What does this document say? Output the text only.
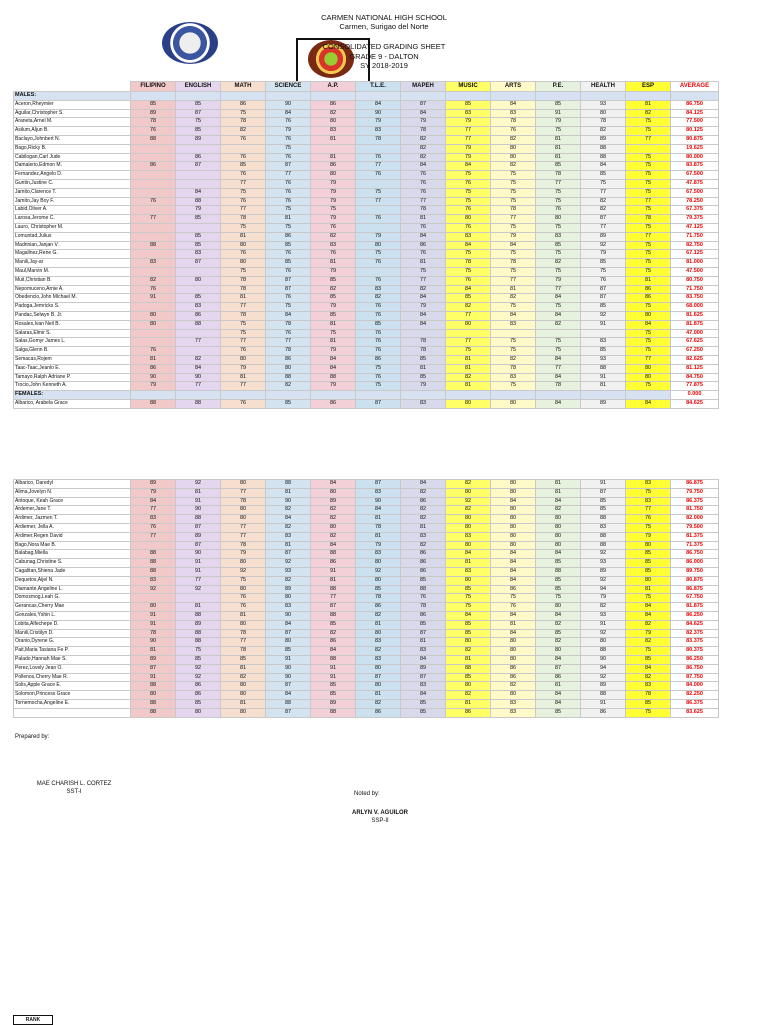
CARMEN NATIONAL HIGH SCHOOL
Carmen, Surigao del Norte
CONSOLIDATED GRADING SHEET
GRADE 9 - DALTON
SY 2018-2019
	FILIPINO	ENGLISH	MATH	SCIENCE	A.P.	T.L.E.	MAPEH	MUSIC	ARTS	P.E.	HEALTH	ESP	AVERAGE
MALES:													
Aceron,Rheymier	85	85	86	90	86	84	87	85	84	85	93	81	86.750
Aguilar,Christopher S.	89	87	75	84	82	90	84	83	83	91	80	82	84.125
Araneta,Arnel M.	78	75	78	76	80	79	79	79	78	79	78	75	77.500
Asilum,Aljun B.	76	85	82	79	83	83	78	77	76	75	82	75	80.125
Baclayo,Johnbert N.	88	89	76	76	81	78	82	77	82	81	89	77	80.875
Bago,Ricky B.				75			82	79	80	81	88		19.625
Cabilogan,Carl Jude		86	76	76	81	76	82	79	80	81	88	75	80.000
Damalerio,Edmon M.	86	87	85	87	86	77	84	84	82	85	84	75	83.875
Fernandez,Angelo D.			76	77	80	76	76	75	75	78	85	75	67.500
Guntin,Justine C.			77	76	79		76	76	75	77	75	75	47.875
Jamito,Clarence T.		84	75	76	79	75	76	75	75	75	77	75	67.500
Jamito,Jay Boy F.	76	88	76	76	79	77	77	75	75	75	82	77	78.250
Labid,Oliver A.		79	77	75	75		78	76	78	76	82	75	67.375
Larosa,Jerome C.	77	85	78	81	79	76	81	80	77	80	87	78	79.375
Lauro, Christopher M.			75	75	76		76	76	75	75	77	75	47.125
Lomuntad,Julius		85	81	86	82	79	84	83	79	83	89	77	71.750
Madrinian,Janjan V.	88	85	80	85	83	80	86	84	84	85	92	75	82.750
Magallnez,Rene G.		83	76	76	76	75	76	75	75	75	79	75	67.125
Manili,Jay-ar	83	87	80	85	81	76	81	78	78	82	85	75	81.000
Maul,Marvin M.			75	76	79		75	75	75	75	75	75	47.500
Muit,Christian B.	82	80	78	87	85	76	77	76	77	79	76	81	80.750
Nepomuceno,Arnie A.	76		78	87	82	83	82	84	81	77	87	86	71.750
Obedencio,John Michael M.	91	85	81	76	85	82	84	85	82	84	87	86	83.750
Padoga,Jemricks S.		83	77	75	79	76	79	82	75	75	85	75	68.000
Pandac,Selwyn B. Jr.	80	86	78	84	85	76	84	77	84	84	92	80	81.625
Rosales,Ivan Neil B.	80	88	75	78	81	85	84	80	83	82	91	84	81.875
Salaras,Elmir S.			75	76	75	76						75	47.000
Salas,Gomyr James L.		77	77	77	81	76	78	77	75	75	83	75	67.625
Salga,Glenn B.	76		76	78	79	76	78	75	75	75	85	75	67.250
Semacas,Rojem	81	82	80	86	84	86	85	81	82	84	93	77	82.625
Taac-Taac,Jeanlo E.	86	84	79	80	84	75	81	81	78	77	88	80	81.125
Tamayo,Ralph Adriane P.	90	90	81	88	88	76	85	82	83	84	91	80	84.750
Trocio,John Kenneth A.	79	77	77	82	79	75	79	81	75	78	81	75	77.875
FEMALES:													0.000
Albarico, Arabela Grace	88	88	76	85	86	87	83	80	80	84	89	84	84.625
Albarico, Daredyl	89	92	80	88	84	87	84	82	80	81	91	83	86.875
Alima,Jovelyn N.	79	81	77	81	80	83	82	80	80	81	87	75	79.750
Antoque, Keah Grace	84	91	78	90	89	90	86	92	84	84	85	83	86.375
Ardemer,Jane T.	77	90	80	82	82	84	82	82	80	82	85	77	81.750
Ardimer, Jazmen T.	83	88	80	84	82	81	82	80	80	80	88	76	82.000
Ardiemer, Jella A.	76	87	77	82	80	78	81	80	80	80	83	75	79.500
Ardimer,Regen David	77	89	77	83	82	81	83	83	80	80	88	79	81.375
Bago,Nora Mae B.		87	78	81	84	79	82	80	80	80	88	80	71.375
Balabag,Miella	88	90	79	87	88	83	86	84	84	84	92	85	86.750
Cabunag,Christine S.	88	91	80	92	86	80	86	81	84	85	93	85	86.000
Cagalitan,Shiena Jade	88	91	92	93	91	92	86	83	84	88	89	85	89.750
Dequetos,Aijel N.	83	77	75	82	81	80	85	80	84	85	92	80	80.875
Diamante,Angeline L.	92	92	80	89	88	85	88	85	86	85	94	81	86.875
Domosmog,Leah G.			76	80	77	78	76	75	75	75	79	75	67.750
Gerancas,Cherry Mae	80	81	76	83	87	86	78	75	76	80	82	84	81.875
Gonzales,Yshin L.	91	88	81	90	88	82	86	84	84	84	93	84	86.250
Lobita,Alfechepe D.	91	89	80	84	85	81	85	85	81	82	91	82	84.625
Manili,Cristilyn D.	78	88	78	87	82	80	87	85	84	85	92	79	82.375
Oranio,Dyrene G.	90	88	77	80	86	83	81	80	80	82	80	82	83.375
Pait,Maria Tasiana Fe P.	81	75	78	85	84	82	83	82	80	80	88	75	80.375
Palado,Hannah Mae S.	89	85	85	91	88	83	84	81	80	84	90	85	86.250
Perez,Lovely Jean O.	87	92	81	90	91	80	89	88	86	87	94	84	86.750
Pollenos,Cherry Mae R.	91	92	82	90	91	87	87	85	86	86	92	82	87.750
Solis,Apple Grace E.	88	86	80	87	85	80	83	80	82	81	89	83	84.000
Solomon,Princess Grace	80	86	80	84	85	81	84	82	80	84	88	78	82.250
Tornemocha,Angeline E.	88	85	81	88	89	82	85	81	83	84	91	85	86.375
	88	80	80	87	88	86	85	86	83	85	86	75	83.625
Prepared by:
MAE CHARISH L. CORTEZ
SST-I	Noted by:
ARLYN V. AGUILOR
SSP-II
RANK
